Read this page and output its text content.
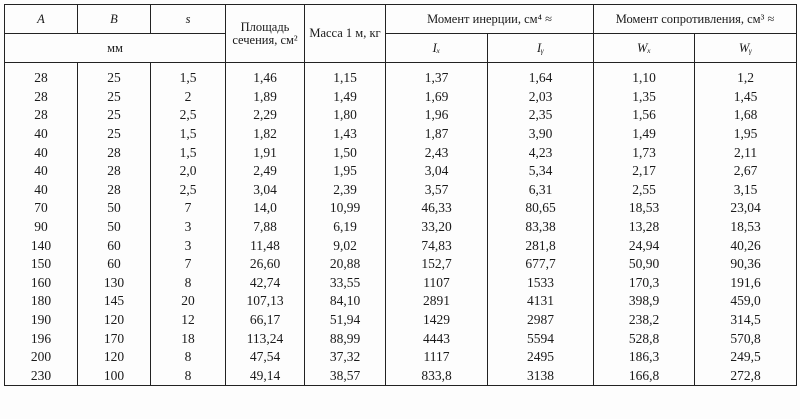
A	B	s	Площадь сечения, см²	Масса 1 м, кг	Момент инерции, см⁴ ≈		Момент сопротивления, см³ ≈	
мм					Iₓ	Iᵧ	Wₓ	Wᵧ
28	25	1,5	1,46	1,15	1,37	1,64	1,10	1,2
28	25	2	1,89	1,49	1,69	2,03	1,35	1,45
28	25	2,5	2,29	1,80	1,96	2,35	1,56	1,68
40	25	1,5	1,82	1,43	1,87	3,90	1,49	1,95
40	28	1,5	1,91	1,50	2,43	4,23	1,73	2,11
40	28	2,0	2,49	1,95	3,04	5,34	2,17	2,67
40	28	2,5	3,04	2,39	3,57	6,31	2,55	3,15
70	50	7	14,0	10,99	46,33	80,65	18,53	23,04
90	50	3	7,88	6,19	33,20	83,38	13,28	18,53
140	60	3	11,48	9,02	74,83	281,8	24,94	40,26
150	60	7	26,60	20,88	152,7	677,7	50,90	90,36
160	130	8	42,74	33,55	1107	1533	170,3	191,6
180	145	20	107,13	84,10	2891	4131	398,9	459,0
190	120	12	66,17	51,94	1429	2987	238,2	314,5
196	170	18	113,24	88,99	4443	5594	528,8	570,8
200	120	8	47,54	37,32	1117	2495	186,3	249,5
230	100	8	49,14	38,57	833,8	3138	166,8	272,8
